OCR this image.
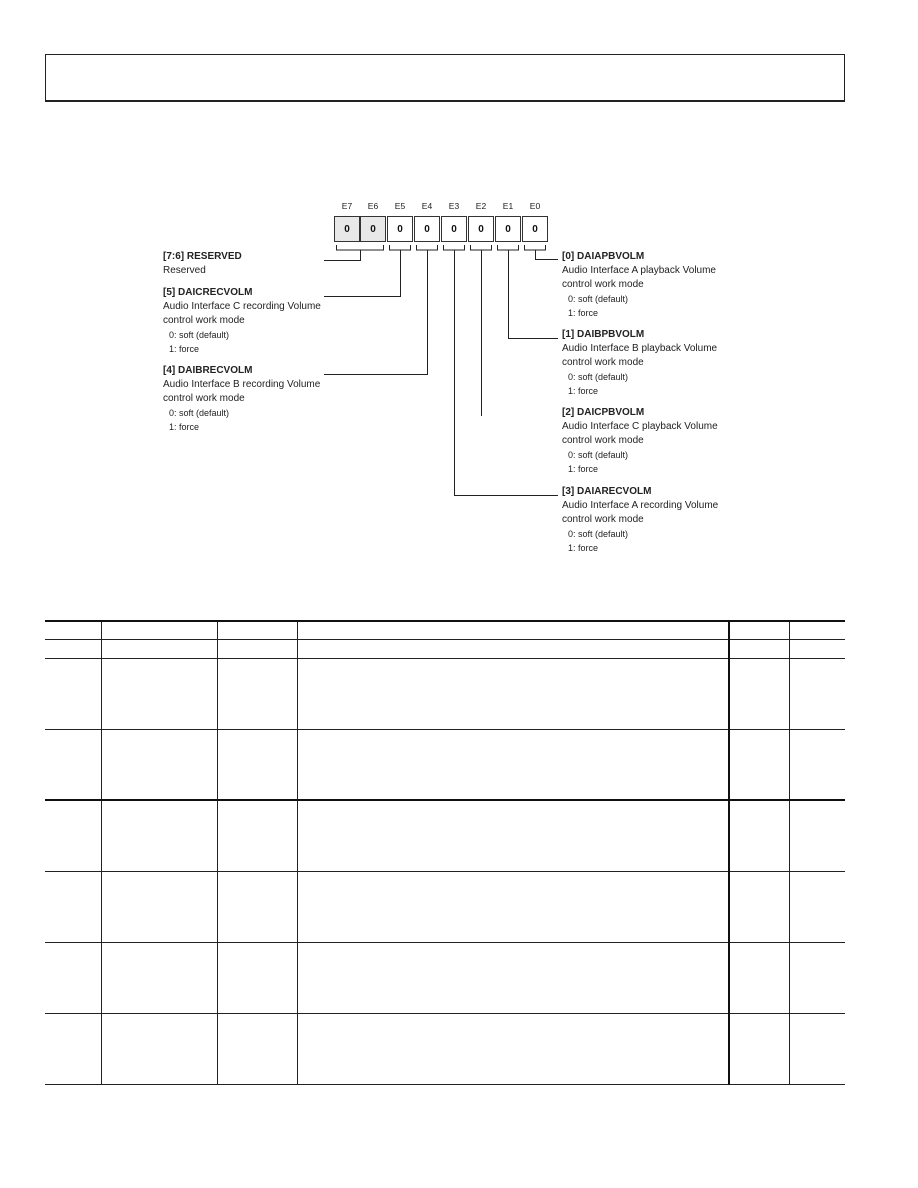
E7	E6	E5	E4	E3	E2	E1	E0
0	0	0	0	0	0	0	0
[7:6] RESERVED
Reserved
[5] DAICRECVOLM
Audio Interface C recording Volume
control work mode
0: soft (default)
1: force
[4] DAIBRECVOLM
Audio Interface B recording Volume
control work mode
0: soft (default)
1: force
[0] DAIAPBVOLM
Audio Interface A playback Volume
control work mode
0: soft (default)
1: force
[1] DAIBPBVOLM
Audio Interface B playback Volume
control work mode
0: soft (default)
1: force
[2] DAICPBVOLM
Audio Interface C playback Volume
control work mode
0: soft (default)
1: force
[3] DAIARECVOLM
Audio Interface A recording Volume
control work mode
0: soft (default)
1: force
